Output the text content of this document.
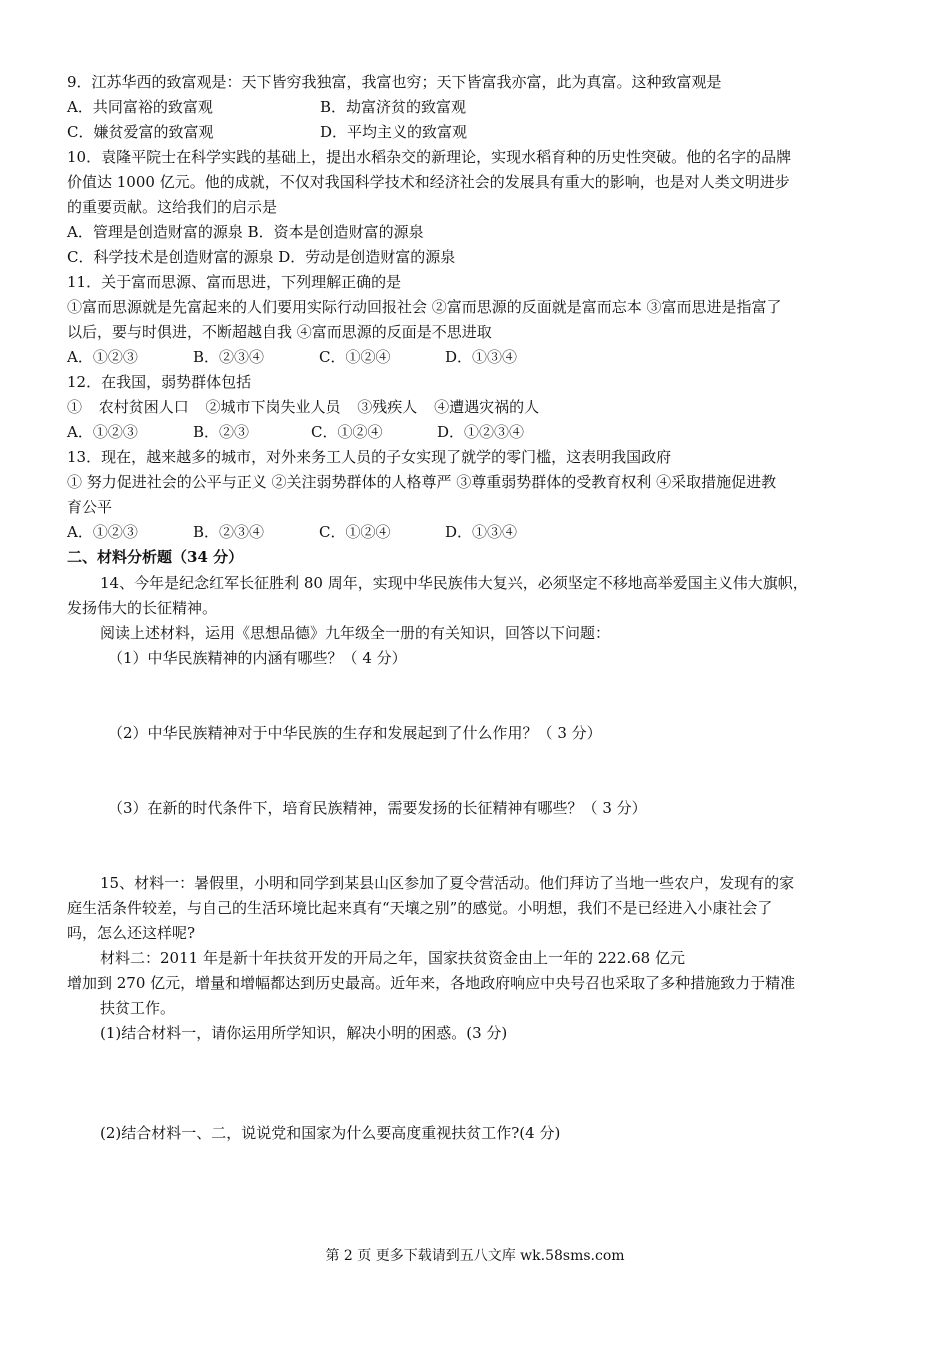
9．江苏华西的致富观是：天下皆穷我独富，我富也穷；天下皆富我亦富，此为真富。这种致富观是
A．共同富裕的致富观	B．劫富济贫的致富观
C．嫌贫爱富的致富观	D．平均主义的致富观
10．袁隆平院士在科学实践的基础上，提出水稻杂交的新理论，实现水稻育种的历史性突破。他的名字的品牌
价值达 1000 亿元。他的成就，不仅对我国科学技术和经济社会的发展具有重大的影响，也是对人类文明进步
的重要贡献。这给我们的启示是
A．管理是创造财富的源泉 B．资本是创造财富的源泉
C．科学技术是创造财富的源泉 D．劳动是创造财富的源泉
11．关于富而思源、富而思进，下列理解正确的是
①富而思源就是先富起来的人们要用实际行动回报社会 ②富而思源的反面就是富而忘本 ③富而思进是指富了
以后，要与时俱进，不断超越自我 ④富而思源的反面是不思进取
A．①②③	B．②③④	C．①②④	D．①③④
12．在我国，弱势群体包括
① 农村贫困人口 ②城市下岗失业人员 ③残疾人 ④遭遇灾祸的人
A．①②③	B．②③	C．①②④	D．①②③④
13．现在，越来越多的城市，对外来务工人员的子女实现了就学的零门槛，这表明我国政府
① 努力促进社会的公平与正义 ②关注弱势群体的人格尊严 ③尊重弱势群体的受教育权利 ④采取措施促进教
育公平
A．①②③	B．②③④	C．①②④	D．①③④
二、材料分析题（34 分）
14、今年是纪念红军长征胜利 80 周年，实现中华民族伟大复兴，必须坚定不移地高举爱国主义伟大旗帜，
发扬伟大的长征精神。
阅读上述材料，运用《思想品德》九年级全一册的有关知识，回答以下问题：
（1）中华民族精神的内涵有哪些？（ 4 分）
（2）中华民族精神对于中华民族的生存和发展起到了什么作用？（ 3 分）
（3）在新的时代条件下，培育民族精神，需要发扬的长征精神有哪些？（ 3 分）
15、材料一：暑假里，小明和同学到某县山区参加了夏令营活动。他们拜访了当地一些农户，发现有的家
庭生活条件较差，与自己的生活环境比起来真有“天壤之别”的感觉。小明想，我们不是已经进入小康社会了
吗，怎么还这样呢?
材料二：2011 年是新十年扶贫开发的开局之年，国家扶贫资金由上一年的 222.68 亿元
增加到 270 亿元，增量和增幅都达到历史最高。近年来，各地政府响应中央号召也采取了多种措施致力于精准
扶贫工作。
(1)结合材料一，请你运用所学知识，解决小明的困惑。(3 分)
(2)结合材料一、二，说说党和国家为什么要高度重视扶贫工作?(4 分)
第 2 页 更多下载请到五八文库 wk.58sms.com
